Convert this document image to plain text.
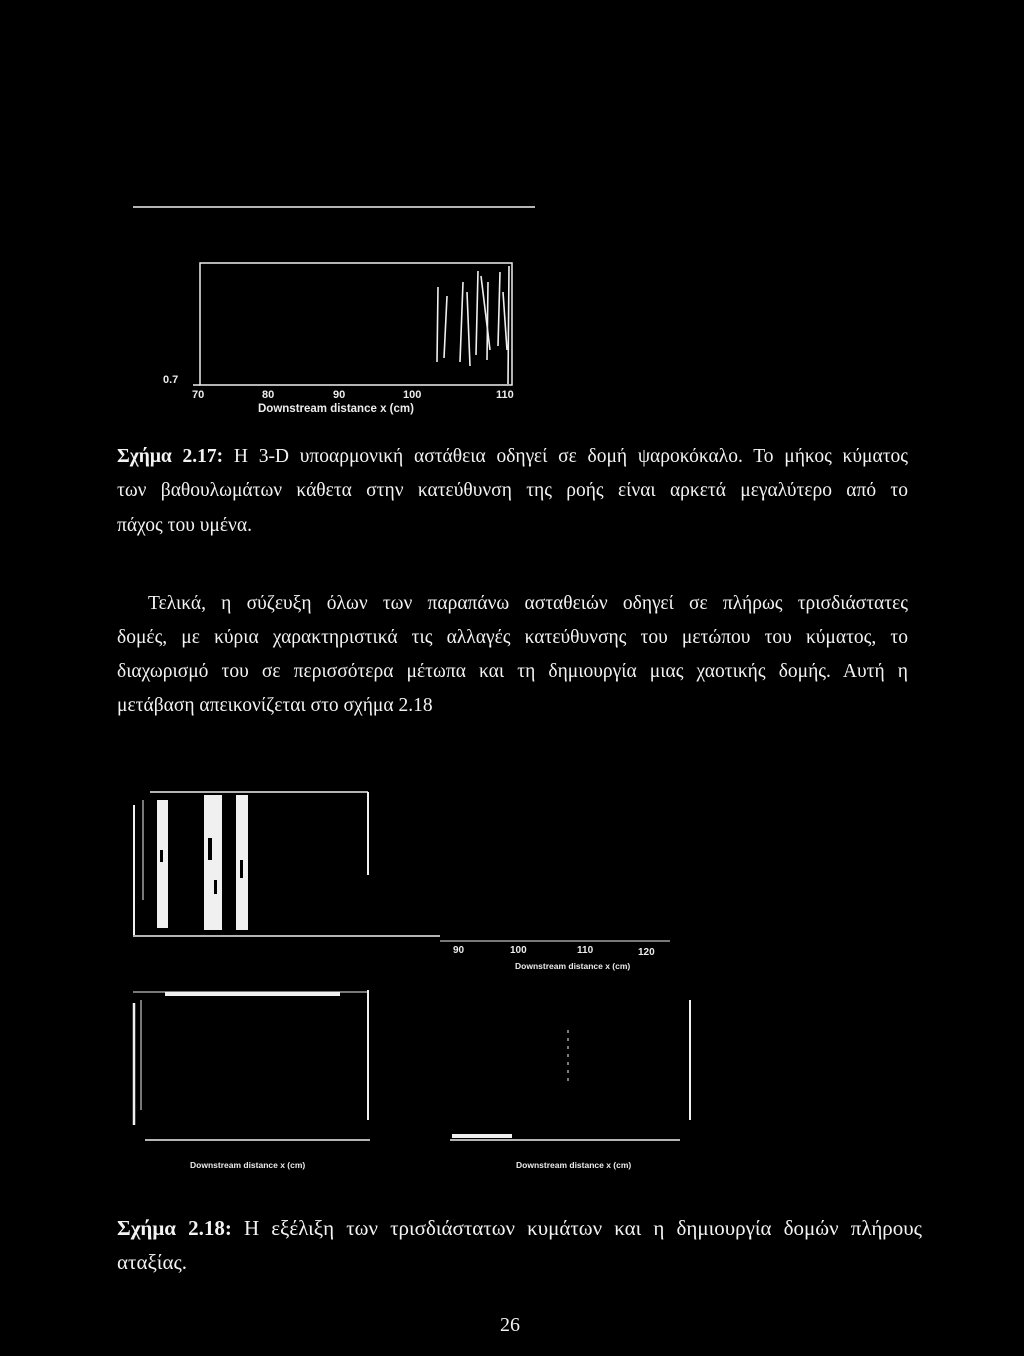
0.7
70	80	90	100	110
Downstream distance x (cm)
Σχήμα 2.17: Η 3-D υποαρμονική αστάθεια οδηγεί σε δομή ψαροκόκαλο. Το μήκος κύματος
των βαθουλωμάτων κάθετα στην κατεύθυνση της ροής είναι αρκετά μεγαλύτερο από το
πάχος του υμένα.
Τελικά, η σύζευξη όλων των παραπάνω ασταθειών οδηγεί σε πλήρως τρισδιάστατες
δομές, με κύρια χαρακτηριστικά τις αλλαγές κατεύθυνσης του μετώπου του κύματος, το
διαχωρισμό του σε περισσότερα μέτωπα και τη δημιουργία μιας χαοτικής δομής. Αυτή η
μετάβαση απεικονίζεται στο σχήμα 2.18
90	100	110	120
Downstream distance x (cm)
Downstream distance x (cm)	Downstream distance x (cm)
Σχήμα 2.18: Η εξέλιξη των τρισδιάστατων κυμάτων και η δημιουργία δομών πλήρους
αταξίας.
26
